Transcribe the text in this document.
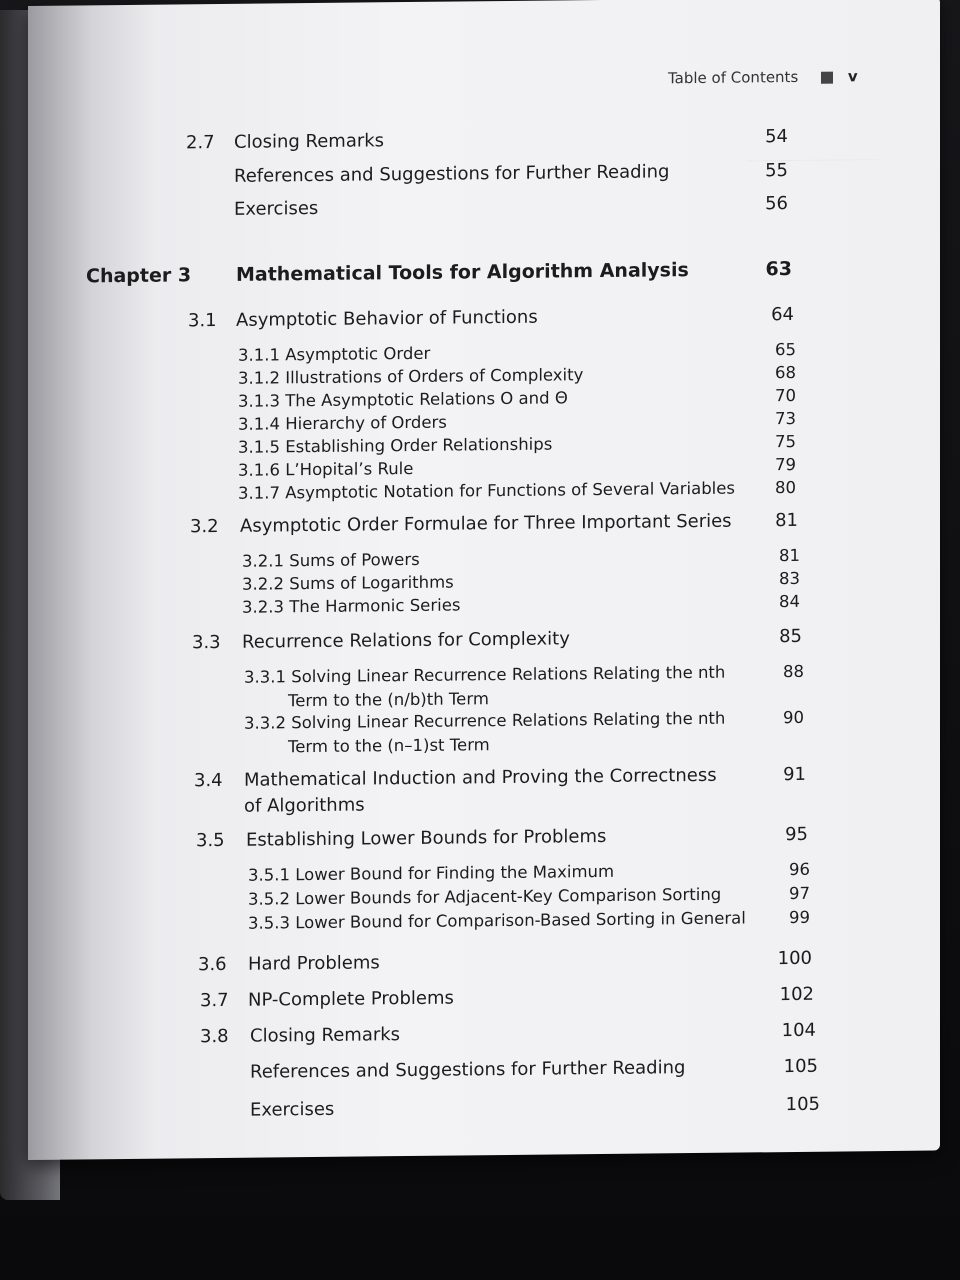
Table of Contents	v
2.7	Closing Remarks	54
References and Suggestions for Further Reading	55
Exercises	56
Chapter 3 Mathematical Tools for Algorithm Analysis	63
3.1	Asymptotic Behavior of Functions	64
3.1.1 Asymptotic Order	65
3.1.2 Illustrations of Orders of Complexity	68
3.1.3 The Asymptotic Relations O and Θ	70
3.1.4 Hierarchy of Orders	73
3.1.5 Establishing Order Relationships	75
3.1.6 L’Hopital’s Rule	79
3.1.7 Asymptotic Notation for Functions of Several Variables	80
3.2	Asymptotic Order Formulae for Three Important Series	81
3.2.1 Sums of Powers	81
3.2.2 Sums of Logarithms	83
3.2.3 The Harmonic Series	84
3.3	Recurrence Relations for Complexity	85
3.3.1 Solving Linear Recurrence Relations Relating the nth	88
Term to the (n/b)th Term
3.3.2 Solving Linear Recurrence Relations Relating the nth	90
Term to the (n–1)st Term
3.4	Mathematical Induction and Proving the Correctness	91
of Algorithms
3.5	Establishing Lower Bounds for Problems	95
3.5.1 Lower Bound for Finding the Maximum	96
3.5.2 Lower Bounds for Adjacent-Key Comparison Sorting	97
3.5.3 Lower Bound for Comparison-Based Sorting in General	99
3.6	Hard Problems	100
3.7	NP-Complete Problems	102
3.8	Closing Remarks	104
References and Suggestions for Further Reading	105
Exercises	105
